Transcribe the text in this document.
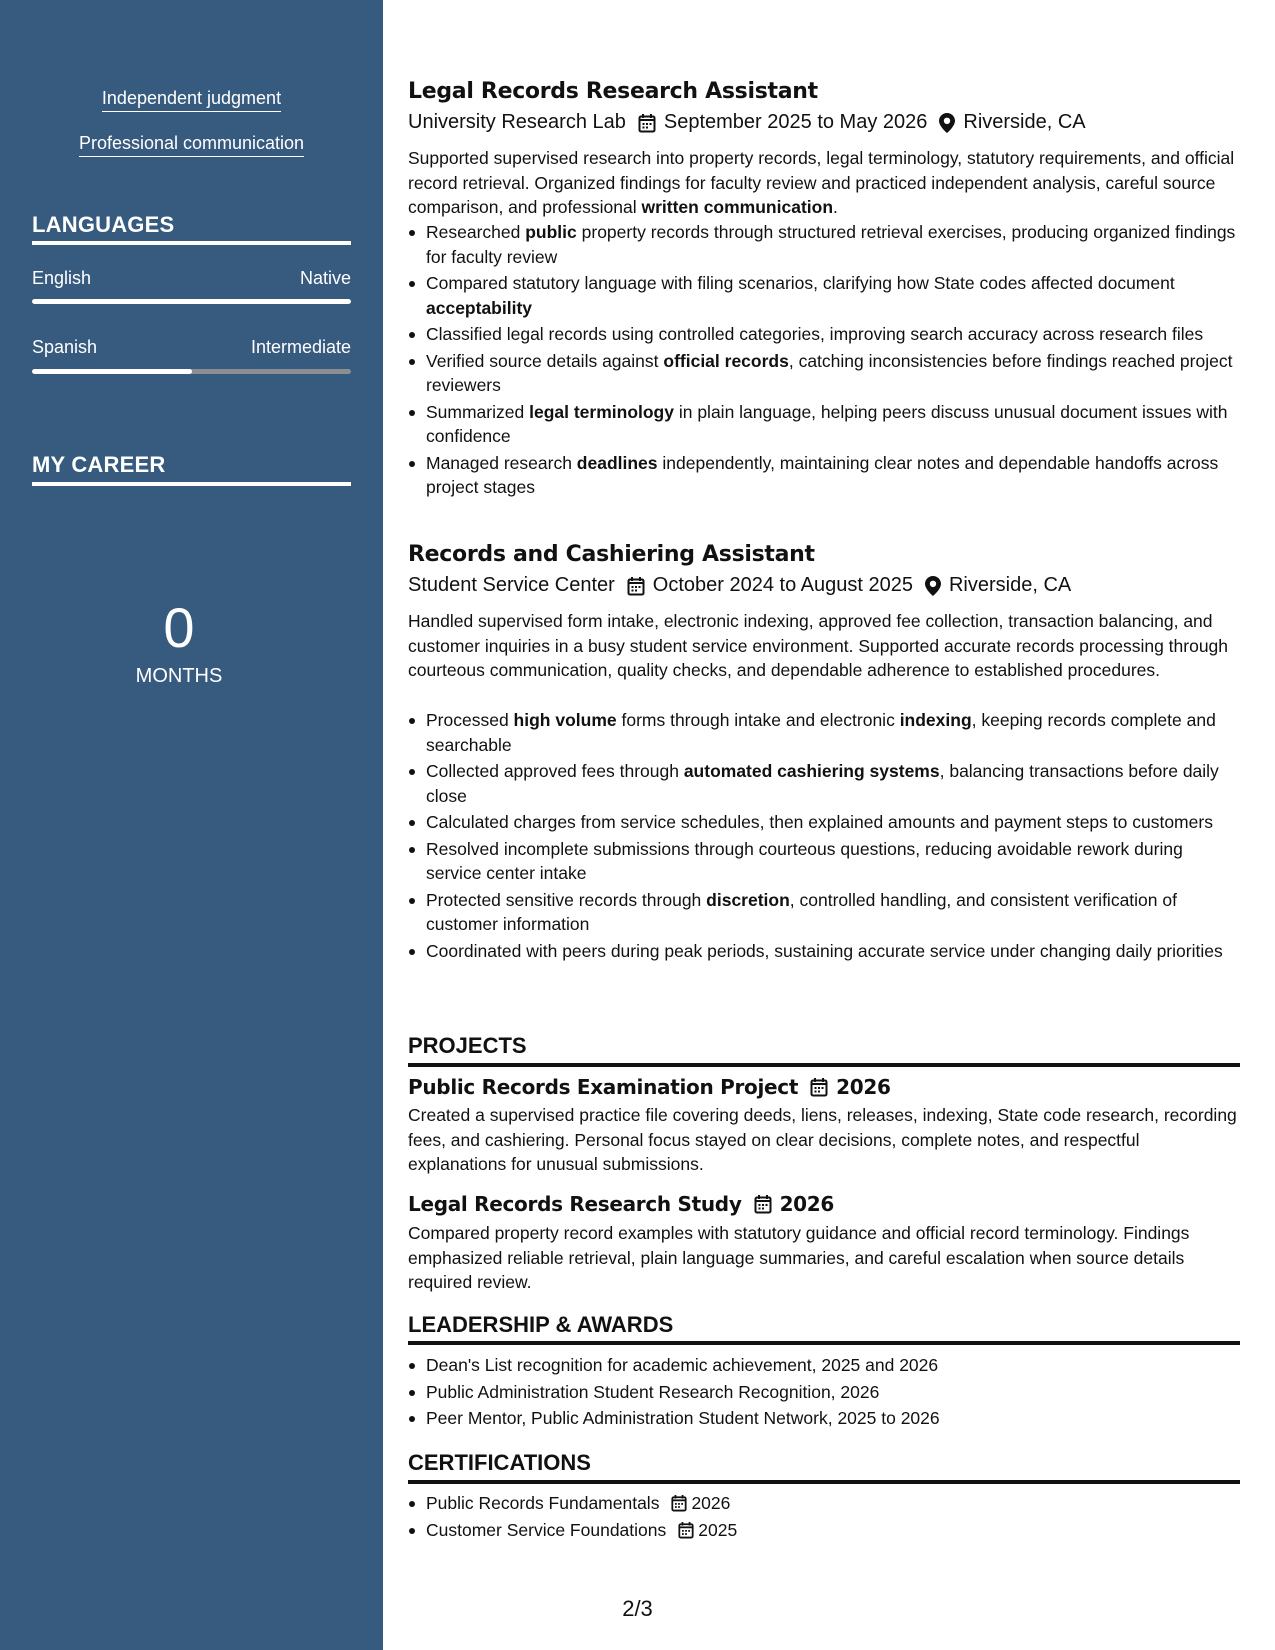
Independent judgment
Professional communication
LANGUAGES
English	Native
Spanish	Intermediate
MY CAREER
0
MONTHS
Legal Records Research Assistant
University Research Lab September 2025 to May 2026 Riverside, CA
Supported supervised research into property records, legal terminology, statutory requirements, and official record retrieval. Organized findings for faculty review and practiced independent analysis, careful source comparison, and professional written communication.
Researched public property records through structured retrieval exercises, producing organized findings for faculty review
Compared statutory language with filing scenarios, clarifying how State codes affected document acceptability
Classified legal records using controlled categories, improving search accuracy across research files
Verified source details against official records, catching inconsistencies before findings reached project reviewers
Summarized legal terminology in plain language, helping peers discuss unusual document issues with confidence
Managed research deadlines independently, maintaining clear notes and dependable handoffs across project stages
Records and Cashiering Assistant
Student Service Center October 2024 to August 2025 Riverside, CA
Handled supervised form intake, electronic indexing, approved fee collection, transaction balancing, and customer inquiries in a busy student service environment. Supported accurate records processing through courteous communication, quality checks, and dependable adherence to established procedures.
Processed high volume forms through intake and electronic indexing, keeping records complete and searchable
Collected approved fees through automated cashiering systems, balancing transactions before daily close
Calculated charges from service schedules, then explained amounts and payment steps to customers
Resolved incomplete submissions through courteous questions, reducing avoidable rework during service center intake
Protected sensitive records through discretion, controlled handling, and consistent verification of customer information
Coordinated with peers during peak periods, sustaining accurate service under changing daily priorities
PROJECTS
Public Records Examination Project 2026
Created a supervised practice file covering deeds, liens, releases, indexing, State code research, recording fees, and cashiering. Personal focus stayed on clear decisions, complete notes, and respectful explanations for unusual submissions.
Legal Records Research Study 2026
Compared property record examples with statutory guidance and official record terminology. Findings emphasized reliable retrieval, plain language summaries, and careful escalation when source details required review.
LEADERSHIP & AWARDS
Dean's List recognition for academic achievement, 2025 and 2026
Public Administration Student Research Recognition, 2026
Peer Mentor, Public Administration Student Network, 2025 to 2026
CERTIFICATIONS
Public Records Fundamentals 2026
Customer Service Foundations 2025
2/3
